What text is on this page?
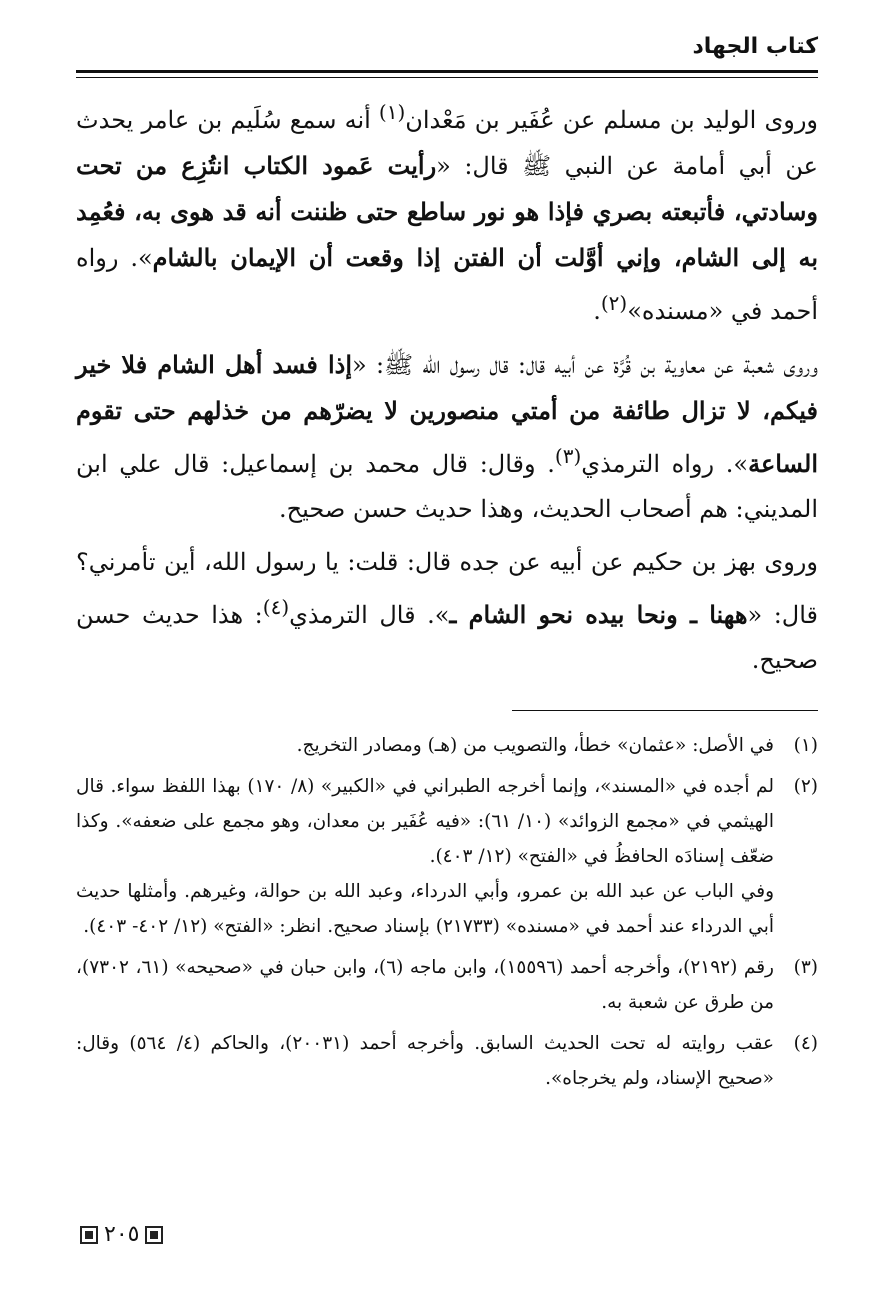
كتاب الجهاد

وروى الوليد بن مسلم عن عُفَير بن مَعْدان$^{(١)}$ أنه سمع سُلَيم بن عامر يحدث عن أبي أمامة عن النبي ﷺ قال: «رأيت عَمود الكتاب انتُزِع من تحت وسادتي، فأتبعته بصري فإذا هو نور ساطع حتى ظننت أنه قد هوى به، فعُمِد به إلى الشام، وإني أوَّلت أن الفتن إذا وقعت أن الإيمان بالشام». رواه أحمد في «مسنده»$^{(٢)}$.

وروى شعبة عن معاوية بن قُرَّة عن أبيه قال: قال رسول الله ﷺ: «إذا فسد أهل الشام فلا خير فيكم، لا تزال طائفة من أمتي منصورين لا يضرّهم من خذلهم حتى تقوم الساعة». رواه الترمذي$^{(٣)}$. وقال: قال محمد بن إسماعيل: قال علي ابن المديني: هم أصحاب الحديث، وهذا حديث حسن صحيح.

وروى بهز بن حكيم عن أبيه عن جده قال: قلت: يا رسول الله، أين تأمرني؟ قال: «ههنا ـ ونحا بيده نحو الشام ـ». قال الترمذي$^{(٤)}$: هذا حديث حسن صحيح.

(١)
في الأصل: «عثمان» خطأ، والتصويب من (هـ) ومصادر التخريج.
(٢)
لم أجده في «المسند»، وإنما أخرجه الطبراني في «الكبير» (٨/ ١٧٠) بهذا اللفظ سواء. قال الهيثمي في «مجمع الزوائد» (١٠/ ٦١): «فيه عُفَير بن معدان، وهو مجمع على ضعفه». وكذا ضعّف إسنادَه الحافظُ في «الفتح» (١٢/ ٤٠٣).
وفي الباب عن عبد الله بن عمرو، وأبي الدرداء، وعبد الله بن حوالة، وغيرهم. وأمثلها حديث أبي الدرداء عند أحمد في «مسنده» (٢١٧٣٣) بإسناد صحيح. انظر: «الفتح» (١٢/ ٤٠٢- ٤٠٣).
(٣)
رقم (٢١٩٢)، وأخرجه أحمد (١٥٥٩٦)، وابن ماجه (٦)، وابن حبان في «صحيحه» (٦١، ٧٣٠٢)، من طرق عن شعبة به.
(٤)
عقب روايته له تحت الحديث السابق. وأخرجه أحمد (٢٠٠٣١)، والحاكم (٤/ ٥٦٤) وقال: «صحيح الإسناد، ولم يخرجاه».
٢٠٥
